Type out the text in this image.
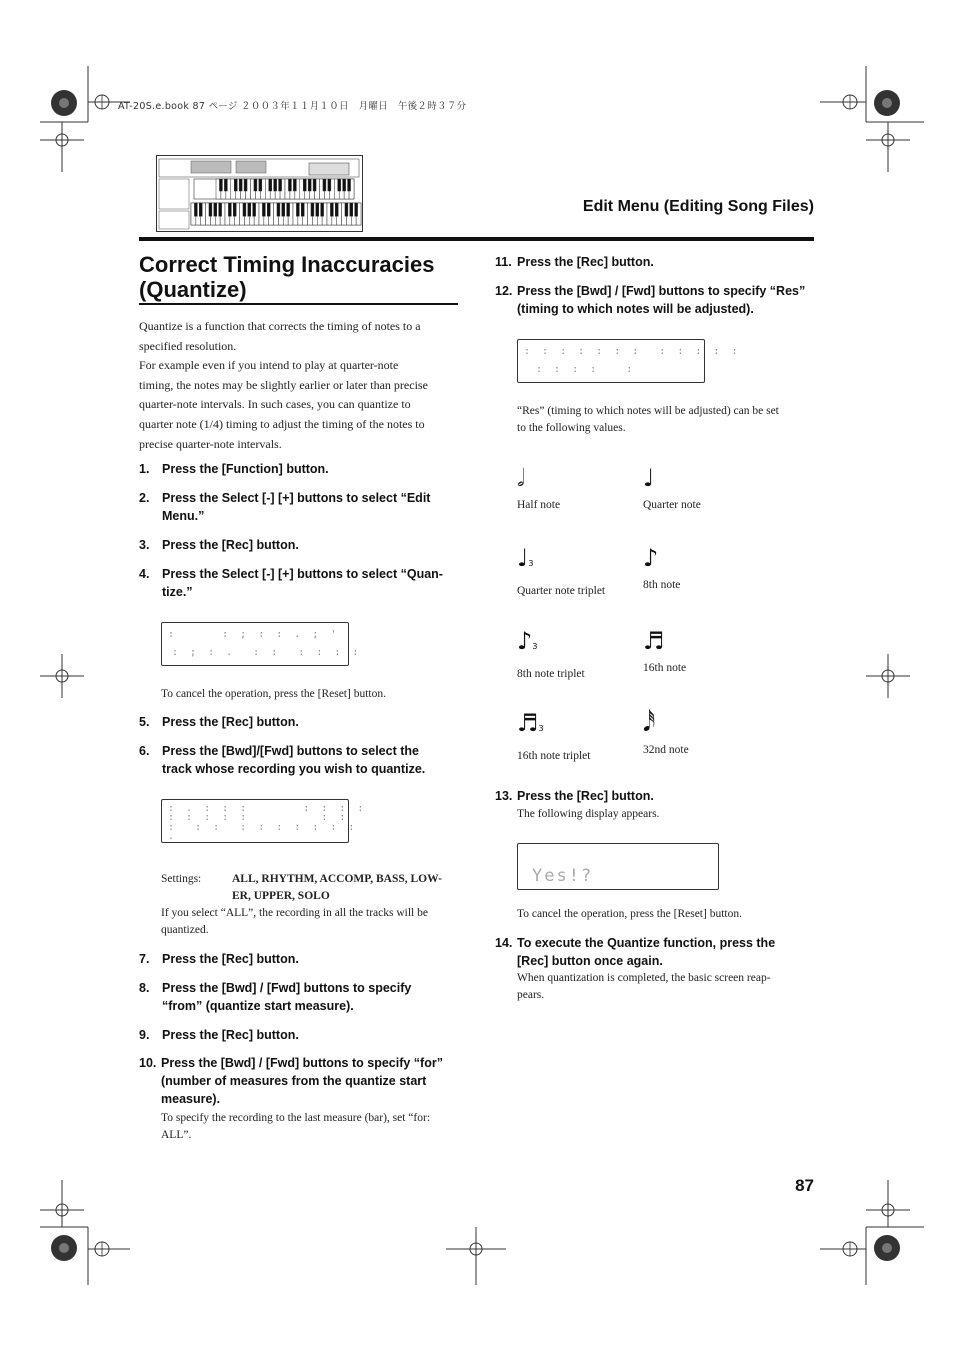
AT-20S.e.book 87 ページ ２００３年１１月１０日　月曜日　午後２時３７分
Edit Menu (Editing Song Files)
Correct Timing Inaccuracies
(Quantize)
Quantize is a function that corrects the timing of notes to a
specified resolution.
For example even if you intend to play at quarter-note
timing, the notes may be slightly earlier or later than precise
quarter-note intervals. In such cases, you can quantize to
quarter note (1/4) timing to adjust the timing of the notes to
precise quarter-note intervals.
1. Press the [Function] button.
2. Press the Select [-] [+] buttons to select “Edit
Menu.”
3. Press the [Rec] button.
4. Press the Select [-] [+] buttons to select “Quan-
tize.”
:     : ; : : . ; '
: ; : .  : :  : : : :
To cancel the operation, press the [Reset] button.
5. Press the [Rec] button.
6. Press the [Bwd]/[Fwd] buttons to select the
track whose recording you wish to quantize.
: . : : :      : : : :
: : : : :        : :
:  : :  : : : : : : :
.
Settings:	ALL, RHYTHM, ACCOMP, BASS, LOW-
ER, UPPER, SOLO
If you select “ALL”, the recording in all the tracks will be
quantized.
7. Press the [Rec] button.
8. Press the [Bwd] / [Fwd] buttons to specify
“from” (quantize start measure).
9. Press the [Rec] button.
10. Press the [Bwd] / [Fwd] buttons to specify “for”
(number of measures from the quantize start
measure).
To specify the recording to the last measure (bar), set “for:
ALL”.
11. Press the [Rec] button.
12. Press the [Bwd] / [Fwd] buttons to specify “Res”
(timing to which notes will be adjusted).
: : : : : : :  : : : : :
: : : :   :
“Res” (timing to which notes will be adjusted) can be set
to the following values.
𝅗𝅥
Half note
♩
Quarter note
♩3
Quarter note triplet
♪
8th note
♪3
8th note triplet
♬
16th note
♬3
16th note triplet
𝅘𝅥𝅰
32nd note
13. Press the [Rec] button.
The following display appears.
Yes!?
To cancel the operation, press the [Reset] button.
14. To execute the Quantize function, press the
[Rec] button once again.
When quantization is completed, the basic screen reap-
pears.
87
